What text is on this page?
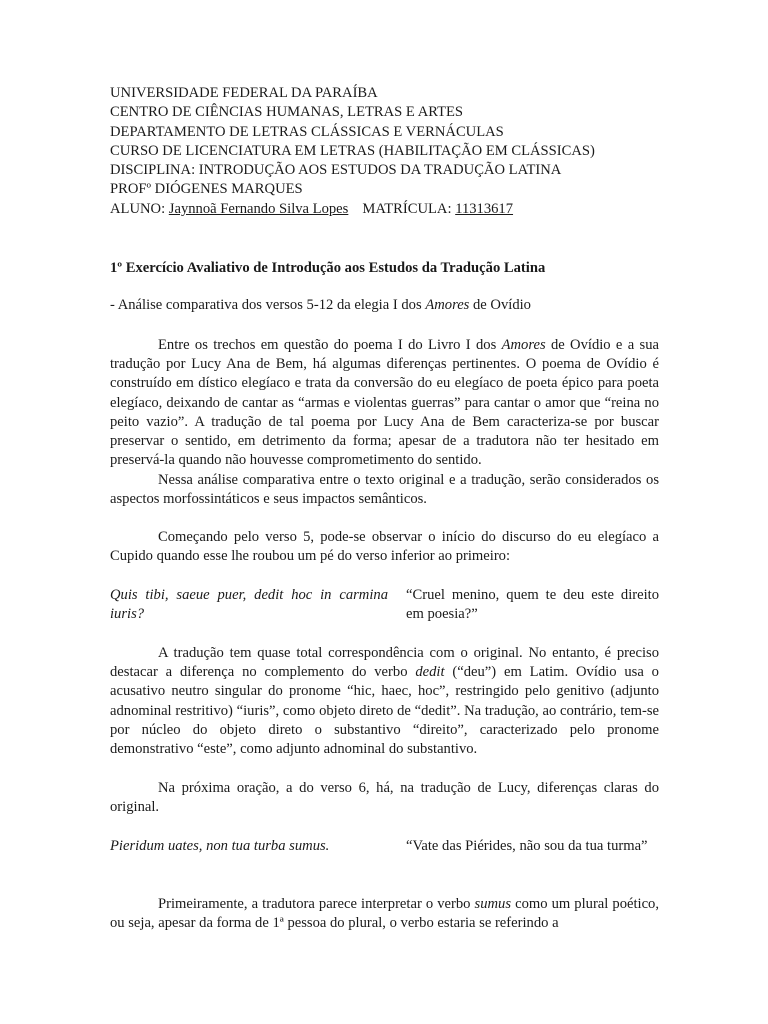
UNIVERSIDADE FEDERAL DA PARAÍBA
CENTRO DE CIÊNCIAS HUMANAS, LETRAS E ARTES
DEPARTAMENTO DE LETRAS CLÁSSICAS E VERNÁCULAS
CURSO DE LICENCIATURA EM LETRAS (HABILITAÇÃO EM CLÁSSICAS)
DISCIPLINA: INTRODUÇÃO AOS ESTUDOS DA TRADUÇÃO LATINA
PROFº DIÓGENES MARQUES
ALUNO: Jaynnoã Fernando Silva Lopes MATRÍCULA: 11313617
1º Exercício Avaliativo de Introdução aos Estudos da Tradução Latina
- Análise comparativa dos versos 5-12 da elegia I dos Amores de Ovídio

Entre os trechos em questão do poema I do Livro I dos Amores de Ovídio e a sua tradução por Lucy Ana de Bem, há algumas diferenças pertinentes. O poema de Ovídio é construído em dístico elegíaco e trata da conversão do eu elegíaco de poeta épico para poeta elegíaco, deixando de cantar as “armas e violentas guerras” para cantar o amor que “reina no peito vazio”. A tradução de tal poema por Lucy Ana de Bem caracteriza-se por buscar preservar o sentido, em detrimento da forma; apesar de a tradutora não ter hesitado em preservá-la quando não houvesse comprometimento do sentido.

Nessa análise comparativa entre o texto original e a tradução, serão considerados os aspectos morfossintáticos e seus impactos semânticos.

Começando pelo verso 5, pode-se observar o início do discurso do eu elegíaco a Cupido quando esse lhe roubou um pé do verso inferior ao primeiro:

Quis tibi, saeue puer, dedit hoc in carmina iuris?

“Cruel menino, quem te deu este direito em poesia?”

A tradução tem quase total correspondência com o original. No entanto, é preciso destacar a diferença no complemento do verbo dedit (“deu”) em Latim. Ovídio usa o acusativo neutro singular do pronome “hic, haec, hoc”, restringido pelo genitivo (adjunto adnominal restritivo) “iuris”, como objeto direto de “dedit”. Na tradução, ao contrário, tem-se por núcleo do objeto direto o substantivo “direito”, caracterizado pelo pronome demonstrativo “este”, como adjunto adnominal do substantivo.

Na próxima oração, a do verso 6, há, na tradução de Lucy, diferenças claras do original.

Pieridum uates, non tua turba sumus.	“Vate das Piérides, não sou da tua turma”

Primeiramente, a tradutora parece interpretar o verbo sumus como um plural poético, ou seja, apesar da forma de 1ª pessoa do plural, o verbo estaria se referindo a
